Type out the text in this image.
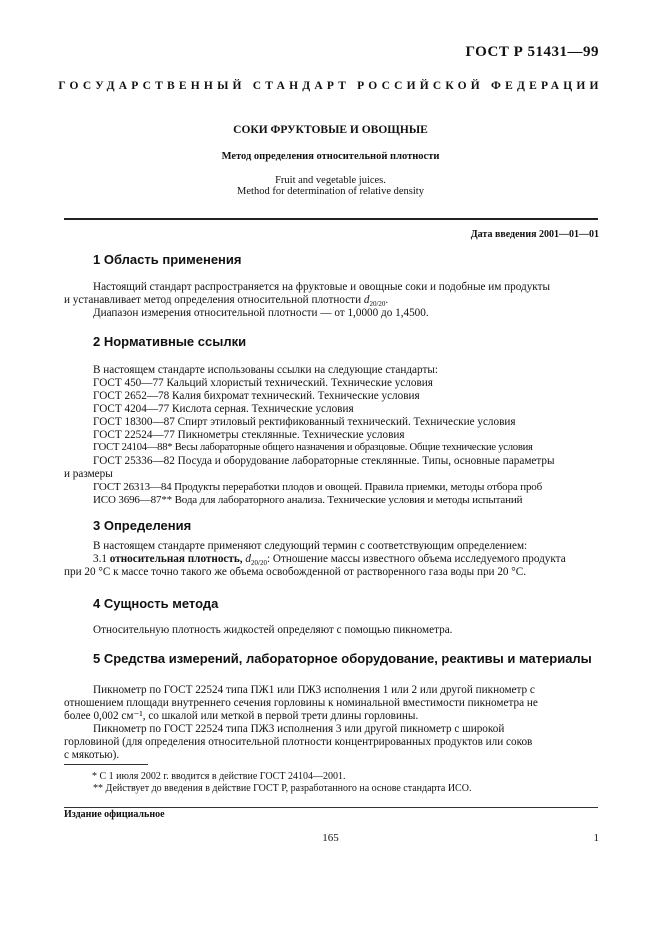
ГОСТ Р 51431—99
ГОСУДАРСТВЕННЫЙ СТАНДАРТ РОССИЙСКОЙ ФЕДЕРАЦИИ
СОКИ ФРУКТОВЫЕ И ОВОЩНЫЕ
Метод определения относительной плотности
Fruit and vegetable juices.
Method for determination of relative density
Дата введения 2001—01—01
1 Область применения
Настоящий стандарт распространяется на фруктовые и овощные соки и подобные им продукты
и устанавливает метод определения относительной плотности $d_{20/20}$.
Диапазон измерения относительной плотности — от 1,0000 до 1,4500.
2 Нормативные ссылки
В настоящем стандарте использованы ссылки на следующие стандарты:
ГОСТ 450—77 Кальций хлористый технический. Технические условия
ГОСТ 2652—78 Калия бихромат технический. Технические условия
ГОСТ 4204—77 Кислота серная. Технические условия
ГОСТ 18300—87 Спирт этиловый ректификованный технический. Технические условия
ГОСТ 22524—77 Пикнометры стеклянные. Технические условия
ГОСТ 24104—88* Весы лабораторные общего назначения и образцовые. Общие технические условия
ГОСТ 25336—82 Посуда и оборудование лабораторные стеклянные. Типы, основные параметры
и размеры
ГОСТ 26313—84 Продукты переработки плодов и овощей. Правила приемки, методы отбора проб
ИСО 3696—87** Вода для лабораторного анализа. Технические условия и методы испытаний
3 Определения
В настоящем стандарте применяют следующий термин с соответствующим определением:
3.1 относительная плотность, $d_{20/20}$: Отношение массы известного объема исследуемого продукта
при 20 °С к массе точно такого же объема освобожденной от растворенного газа воды при 20 °С.
4 Сущность метода
Относительную плотность жидкостей определяют с помощью пикнометра.
5 Средства измерений, лабораторное оборудование, реактивы и материалы
Пикнометр по ГОСТ 22524 типа ПЖ1 или ПЖ3 исполнения 1 или 2 или другой пикнометр с
отношением площади внутреннего сечения горловины к номинальной вместимости пикнометра не
более 0,002 см⁻¹, со шкалой или меткой в первой трети длины горловины.
Пикнометр по ГОСТ 22524 типа ПЖ3 исполнения 3 или другой пикнометр с широкой
горловиной (для определения относительной плотности концентрированных продуктов или соков
с мякотью).
* С 1 июля 2002 г. вводится в действие ГОСТ 24104—2001.
** Действует до введения в действие ГОСТ Р, разработанного на основе стандарта ИСО.
Издание официальное
165	1
